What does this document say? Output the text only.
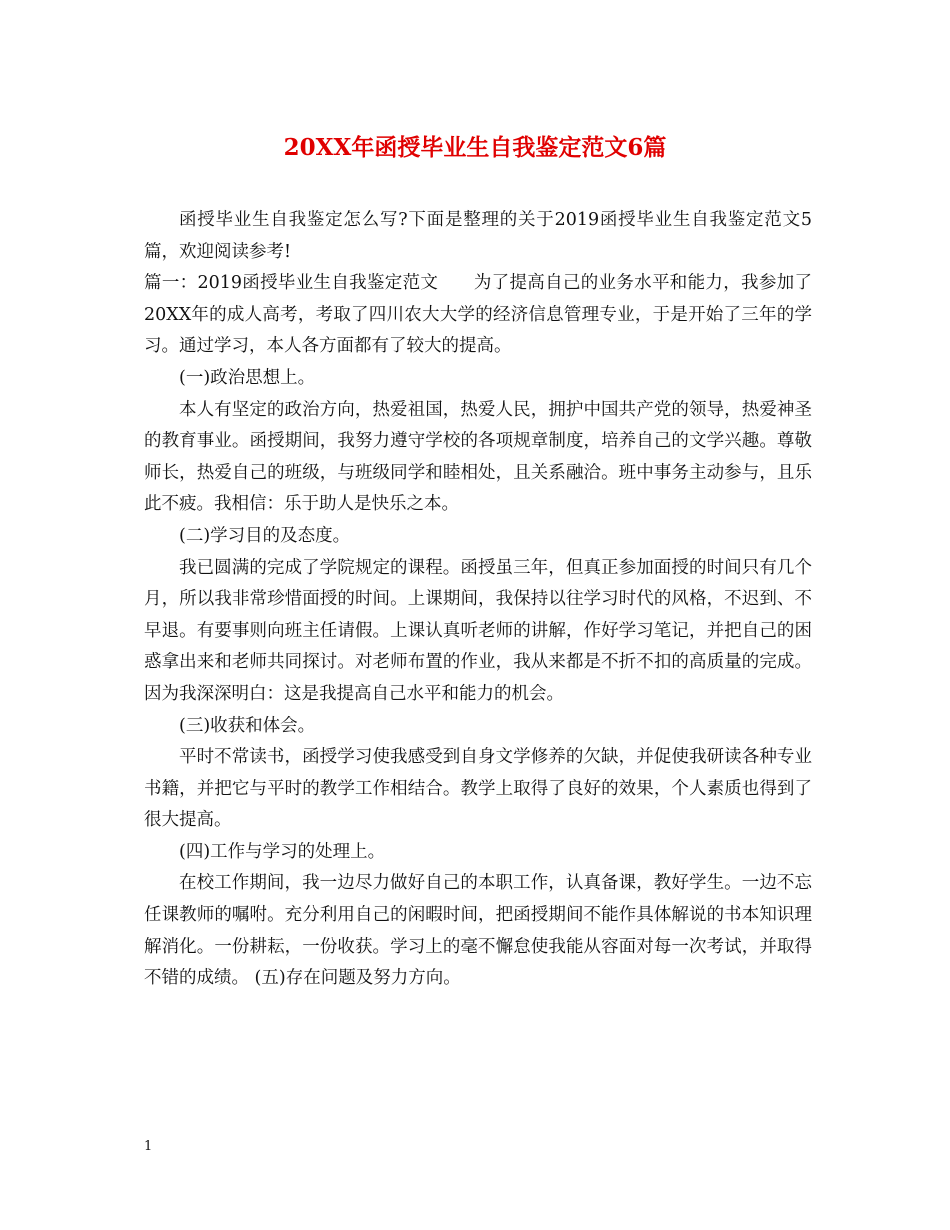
20XX年函授毕业生自我鉴定范文6篇

函授毕业生自我鉴定怎么写?下面是整理的关于2019函授毕业生自我鉴定范文5篇，欢迎阅读参考!

篇一：2019函授毕业生自我鉴定范文　　为了提高自己的业务水平和能力，我参加了20XX年的成人高考，考取了四川农大大学的经济信息管理专业，于是开始了三年的学习。通过学习，本人各方面都有了较大的提高。

(一)政治思想上。

本人有坚定的政治方向，热爱祖国，热爱人民，拥护中国共产党的领导，热爱神圣的教育事业。函授期间，我努力遵守学校的各项规章制度，培养自己的文学兴趣。尊敬师长，热爱自己的班级，与班级同学和睦相处，且关系融洽。班中事务主动参与，且乐此不疲。我相信：乐于助人是快乐之本。

(二)学习目的及态度。

我已圆满的完成了学院规定的课程。函授虽三年，但真正参加面授的时间只有几个月，所以我非常珍惜面授的时间。上课期间，我保持以往学习时代的风格，不迟到、不早退。有要事则向班主任请假。上课认真听老师的讲解，作好学习笔记，并把自己的困惑拿出来和老师共同探讨。对老师布置的作业，我从来都是不折不扣的高质量的完成。因为我深深明白：这是我提高自己水平和能力的机会。

(三)收获和体会。

平时不常读书，函授学习使我感受到自身文学修养的欠缺，并促使我研读各种专业书籍，并把它与平时的教学工作相结合。教学上取得了良好的效果，个人素质也得到了很大提高。

(四)工作与学习的处理上。

在校工作期间，我一边尽力做好自己的本职工作，认真备课，教好学生。一边不忘任课教师的嘱咐。充分利用自己的闲暇时间，把函授期间不能作具体解说的书本知识理解消化。一份耕耘，一份收获。学习上的毫不懈怠使我能从容面对每一次考试，并取得不错的成绩。 (五)存在问题及努力方向。

1
